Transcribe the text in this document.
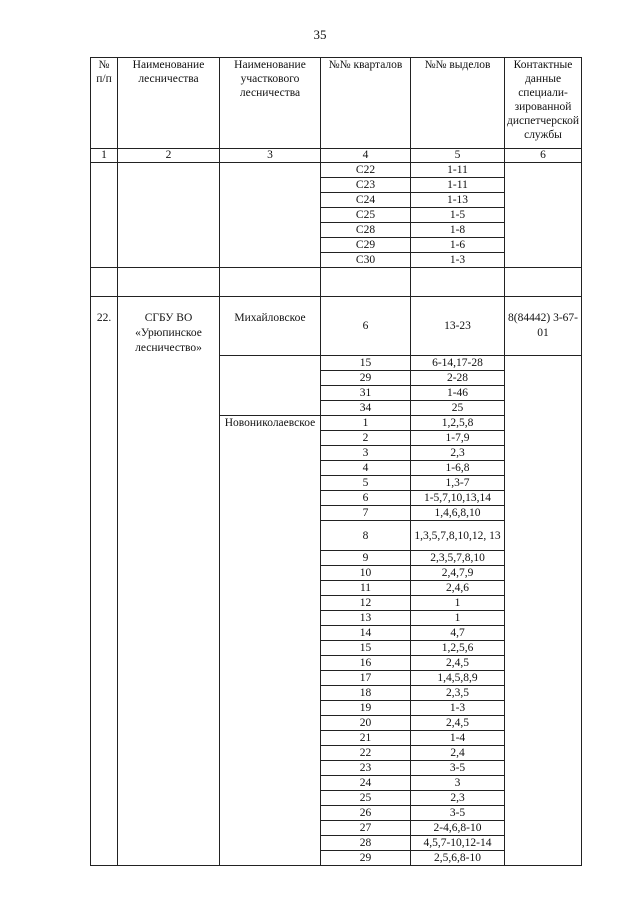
35
№ п/п	Наименование лесничества	Наименование участкового лесничества	№№ кварталов	№№ выделов	Контактные данные специали-зированной диспетчерской службы
1	2	3	4	5	6
			С22	1-11	
			С23	1-11	
			С24	1-13	
			С25	1-5	
			С28	1-8	
			С29	1-6	
			С30	1-3	

22.	СГБУ ВО «Урюпинское лесничество»	Михайловское	6	13-23	8(84442) 3-67-01
			15	6-14,17-28	
			29	2-28	
			31	1-46	
			34	25	
		Новониколаевское	1	1,2,5,8	
			2	1-7,9	
			3	2,3	
			4	1-6,8	
			5	1,3-7	
			6	1-5,7,10,13,14	
			7	1,4,6,8,10	
			8	1,3,5,7,8,10,12, 13	
			9	2,3,5,7,8,10	
			10	2,4,7,9	
			11	2,4,6	
			12	1	
			13	1	
			14	4,7	
			15	1,2,5,6	
			16	2,4,5	
			17	1,4,5,8,9	
			18	2,3,5	
			19	1-3	
			20	2,4,5	
			21	1-4	
			22	2,4	
			23	3-5	
			24	3	
			25	2,3	
			26	3-5	
			27	2-4,6,8-10	
			28	4,5,7-10,12-14	
			29	2,5,6,8-10	
